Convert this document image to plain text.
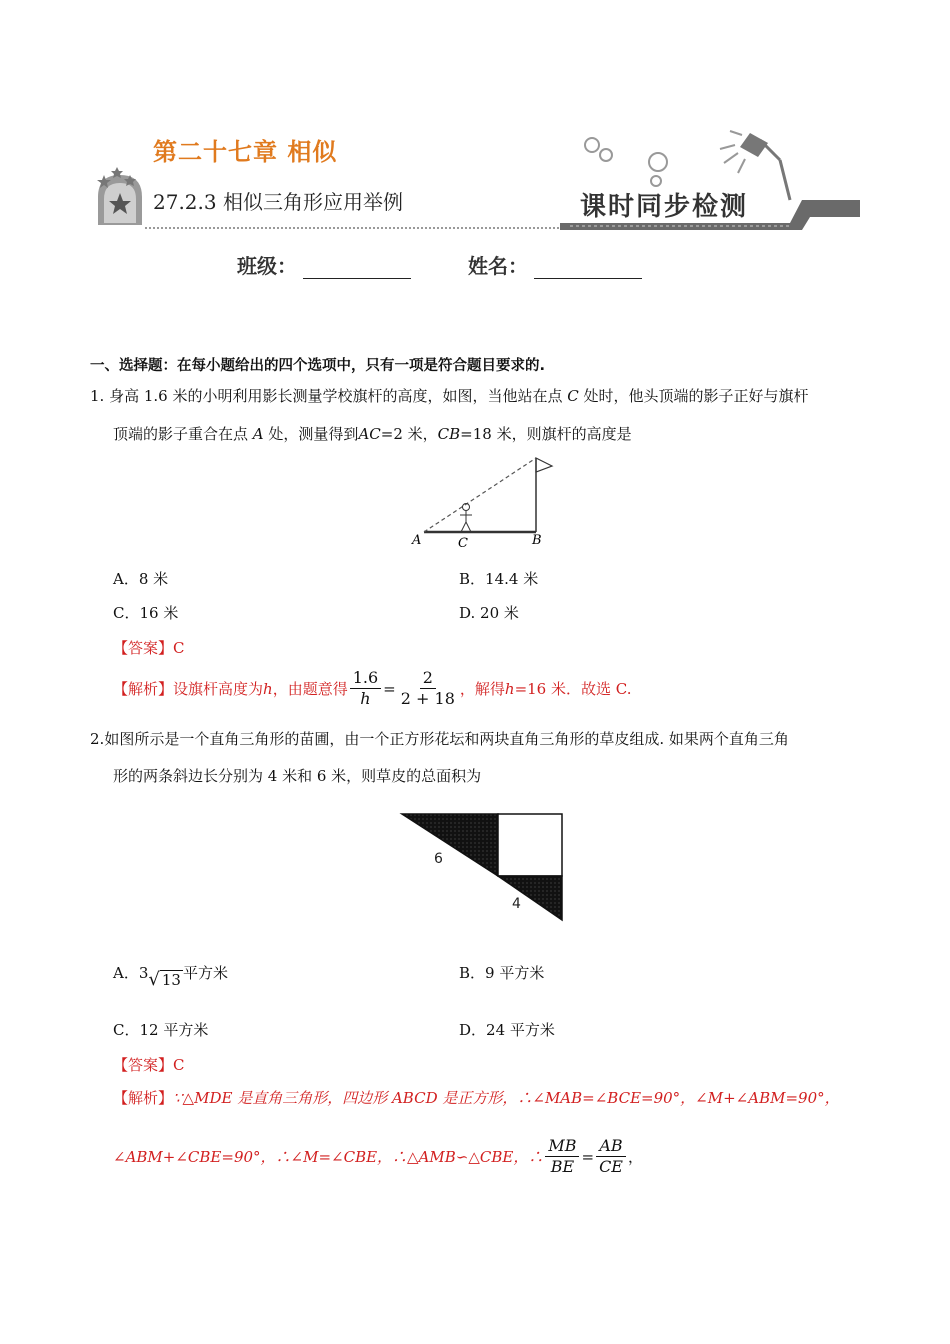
第二十七章 相似
27.2.3 相似三角形应用举例	课时同步检测
班级：	姓名：
一、选择题：在每小题给出的四个选项中，只有一项是符合题目要求的.
1. 身高 1.6 米的小明利用影长测量学校旗杆的高度，如图，当他站在点 C 处时，他头顶端的影子正好与旗杆
顶端的影子重合在点 A 处，测量得到AC=2 米，CB=18 米，则旗杆的高度是
A	C	B
A．8 米	B．14.4 米
C．16 米	D. 20 米
【答案】C
【解析】 设旗杆高度为 h ，由题意得 $\frac{1.6}{h} = \frac{2}{2 + 18}$ ，解得 h =16 米．故选 C.
2.如图所示是一个直角三角形的苗圃，由一个正方形花坛和两块直角三角形的草皮组成. 如果两个直角三角
形的两条斜边长分别为 4 米和 6 米，则草皮的总面积为
6
4
A．3 √ 13 平方米	B．9 平方米
C．12 平方米	D．24 平方米
【答案】C
【解析】∵△MDE 是直角三角形，四边形 ABCD 是正方形，∴∠MAB=∠BCE=90°，∠M+∠ABM=90°，
∠ABM+∠CBE=90°，∴∠M=∠CBE，∴△AMB∽△CBE，∴ $\frac{MB}{BE} = \frac{AB}{CE}$ ，
